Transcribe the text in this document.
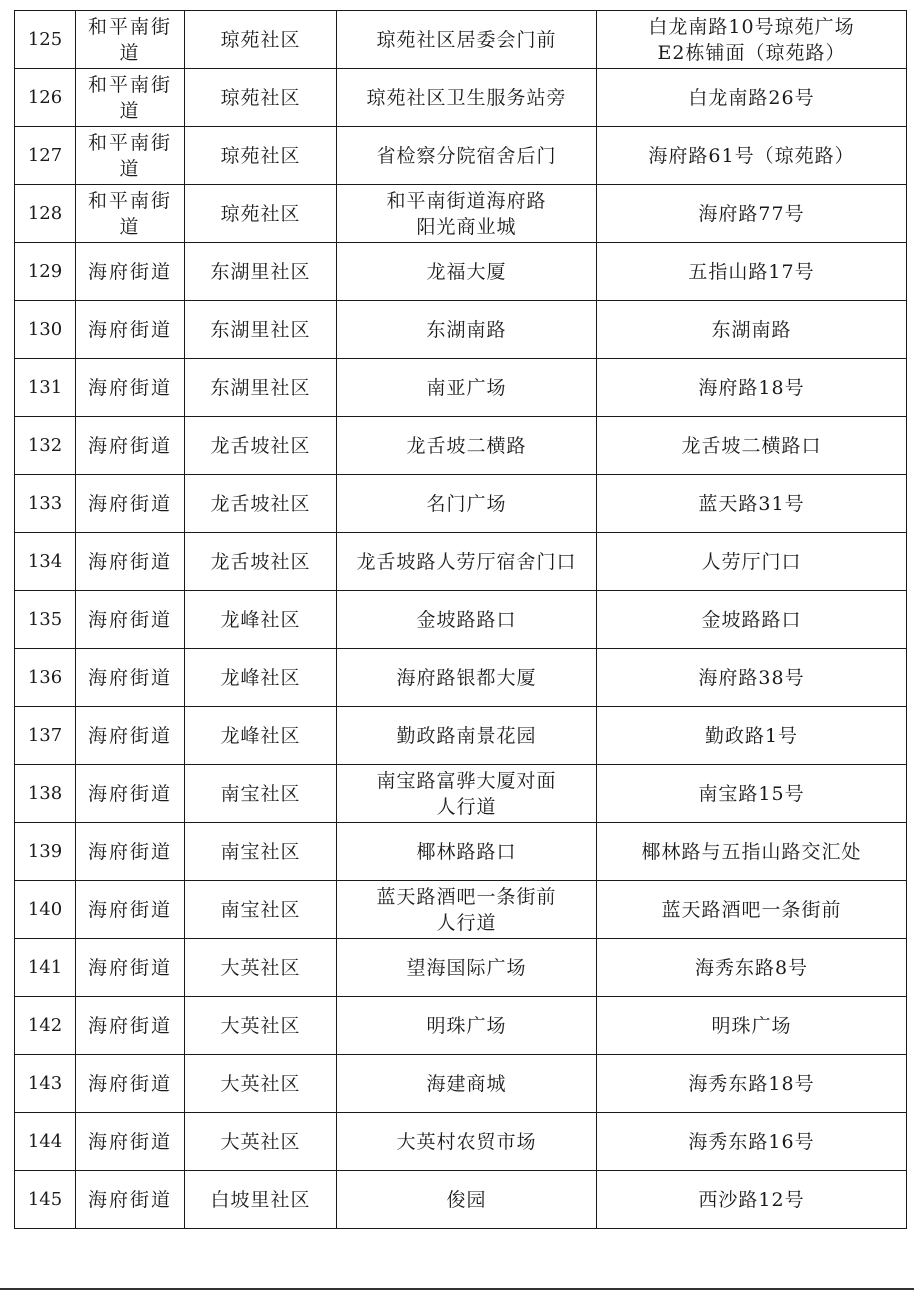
125	和平南街道	琼苑社区	琼苑社区居委会门前	白龙南路10号琼苑广场
E2栋铺面（琼苑路）
126	和平南街道	琼苑社区	琼苑社区卫生服务站旁	白龙南路26号
127	和平南街道	琼苑社区	省检察分院宿舍后门	海府路61号（琼苑路）
128	和平南街道	琼苑社区	和平南街道海府路
阳光商业城	海府路77号
129	海府街道	东湖里社区	龙福大厦	五指山路17号
130	海府街道	东湖里社区	东湖南路	东湖南路
131	海府街道	东湖里社区	南亚广场	海府路18号
132	海府街道	龙舌坡社区	龙舌坡二横路	龙舌坡二横路口
133	海府街道	龙舌坡社区	名门广场	蓝天路31号
134	海府街道	龙舌坡社区	龙舌坡路人劳厅宿舍门口	人劳厅门口
135	海府街道	龙峰社区	金坡路路口	金坡路路口
136	海府街道	龙峰社区	海府路银都大厦	海府路38号
137	海府街道	龙峰社区	勤政路南景花园	勤政路1号
138	海府街道	南宝社区	南宝路富骅大厦对面
人行道	南宝路15号
139	海府街道	南宝社区	椰林路路口	椰林路与五指山路交汇处
140	海府街道	南宝社区	蓝天路酒吧一条街前
人行道	蓝天路酒吧一条街前
141	海府街道	大英社区	望海国际广场	海秀东路8号
142	海府街道	大英社区	明珠广场	明珠广场
143	海府街道	大英社区	海建商城	海秀东路18号
144	海府街道	大英社区	大英村农贸市场	海秀东路16号
145	海府街道	白坡里社区	俊园	西沙路12号
